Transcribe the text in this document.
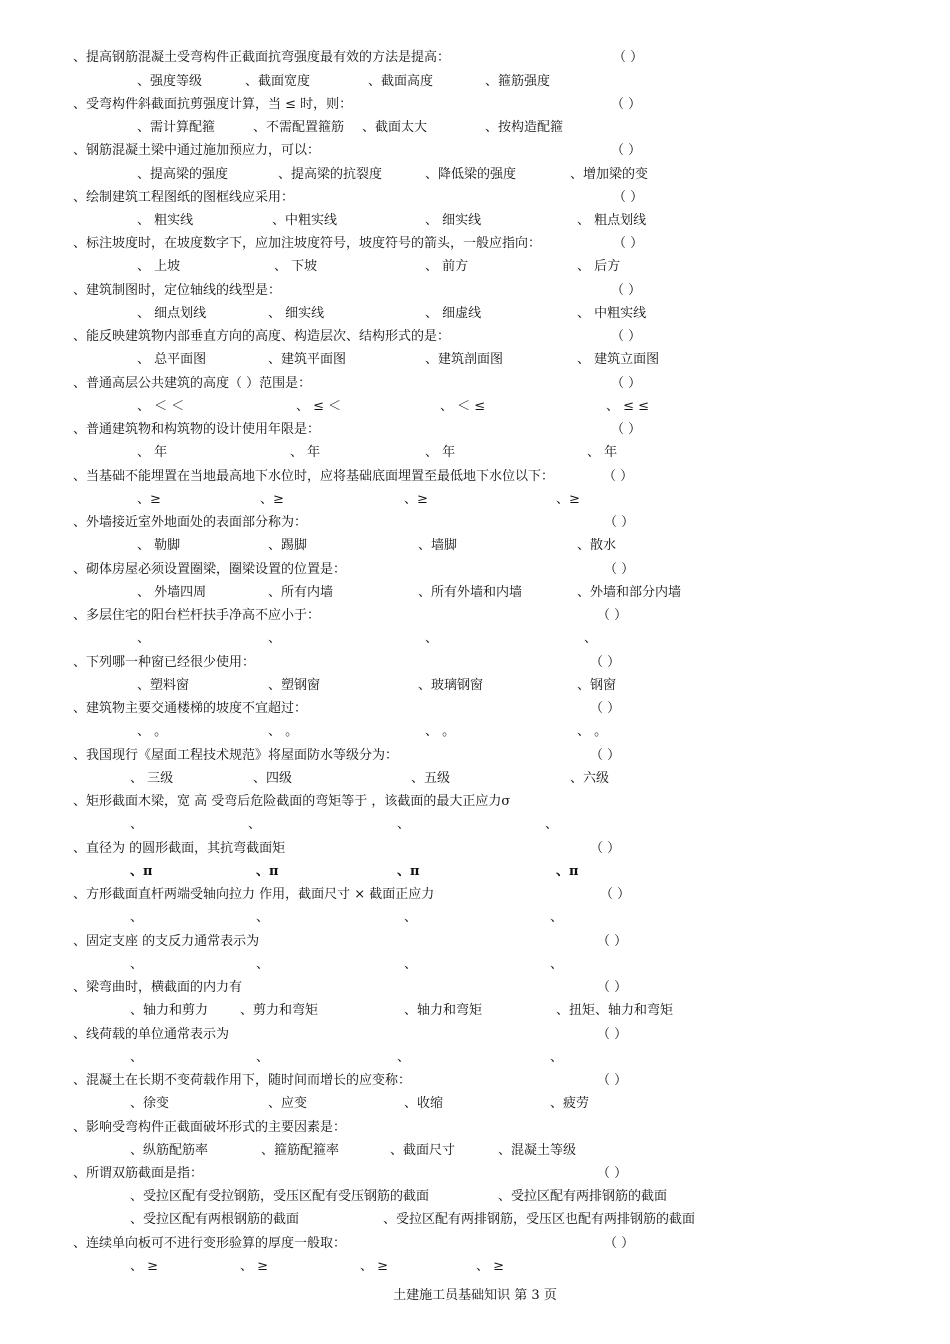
、提高钢筋混凝土受弯构件正截面抗弯强度最有效的方法是提高：	（ ）
、强度等级	、截面宽度	、截面高度	、箍筋强度
、受弯构件斜截面抗剪强度计算，当 ≤ 时，则：	（ ）
、需计算配箍	、不需配置箍筋 、截面太大	、按构造配箍
、钢筋混凝土梁中通过施加预应力，可以：	（ ）
、提高梁的强度	、提高梁的抗裂度	、降低梁的强度	、增加梁的变
、绘制建筑工程图纸的图框线应采用：	（ ）
、 粗实线	、中粗实线	、 细实线	、 粗点划线
、标注坡度时，在坡度数字下，应加注坡度符号，坡度符号的箭头，一般应指向：	（ ）
、 上坡	、 下坡	、 前方	、 后方
、建筑制图时，定位轴线的线型是：	（ ）
、 细点划线	、 细实线	、 细虚线	、 中粗实线
、能反映建筑物内部垂直方向的高度、构造层次、结构形式的是：	（ ）
、 总平面图	、建筑平面图	、建筑剖面图	、 建筑立面图
、普通高层公共建筑的高度（ ）范围是：	（ ）
、 ＜ ＜	、 ≤ ＜	、 ＜ ≤	、 ≤ ≤
、普通建筑物和构筑物的设计使用年限是：	（ ）
、 年	、 年	、 年	、 年
、当基础不能埋置在当地最高地下水位时，应将基础底面埋置至最低地下水位以下：	（ ）
、≥	、≥	、≥	、≥
、外墙接近室外地面处的表面部分称为：	（ ）
、 勒脚	、踢脚	、墙脚	、散水
、砌体房屋必须设置圈梁，圈梁设置的位置是：	（ ）
、 外墙四周	、所有内墙	、所有外墙和内墙	、外墙和部分内墙
、多层住宅的阳台栏杆扶手净高不应小于：	（ ）
、	、	、	、
、下列哪一种窗已经很少使用：	（ ）
、塑料窗	、塑钢窗	、玻璃钢窗	、钢窗
、建筑物主要交通楼梯的坡度不宜超过：	（ ）
、 。	、 。	、 。	、 。
、我国现行《屋面工程技术规范》将屋面防水等级分为：	（ ）
、 三级	、四级	、五级	、六级
、矩形截面木梁，宽 高 受弯后危险截面的弯矩等于 ，该截面的最大正应力σ
、	、	、	、
、直径为 的圆形截面，其抗弯截面矩	（ ）
、π	、π	、π	、π
、方形截面直杆两端受轴向拉力 作用，截面尺寸 × 截面正应力	（ ）
、	、	、	、
、固定支座 的支反力通常表示为	（ ）
、	、	、	、
、梁弯曲时，横截面的内力有	（ ）
、轴力和剪力 、剪力和弯矩	、轴力和弯矩	、扭矩、轴力和弯矩
、线荷载的单位通常表示为	（ ）
、	、	、	、
、混凝土在长期不变荷载作用下，随时间而增长的应变称：	（ ）
、徐变	、应变	、收缩	、疲劳
、影响受弯构件正截面破坏形式的主要因素是：
、纵筋配筋率	、箍筋配箍率	、截面尺寸	、混凝土等级
、所谓双筋截面是指：	（ ）
、受拉区配有受拉钢筋，受压区配有受压钢筋的截面	、受拉区配有两排钢筋的截面
、受拉区配有两根钢筋的截面	、受拉区配有两排钢筋，受压区也配有两排钢筋的截面
、连续单向板可不进行变形验算的厚度一般取：	（ ）
、 ≥	、 ≥	、 ≥	、 ≥
土建施工员基础知识 第 3 页
